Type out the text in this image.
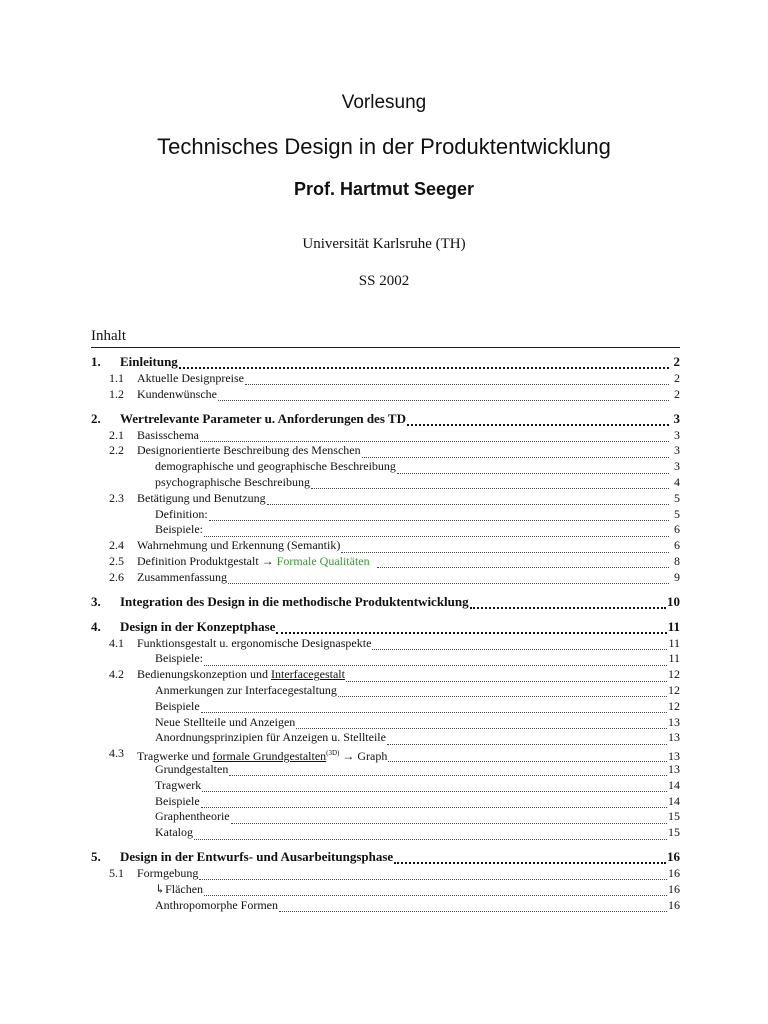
Vorlesung
Technisches Design in der Produktentwicklung
Prof. Hartmut Seeger
Universität Karlsruhe (TH)
SS 2002
Inhalt
1. Einleitung	2
1.1 Aktuelle Designpreise	2
1.2 Kundenwünsche	2
2. Wertrelevante Parameter u. Anforderungen des TD	3
2.1 Basisschema	3
2.2 Designorientierte Beschreibung des Menschen	3
demographische und geographische Beschreibung	3
psychographische Beschreibung	4
2.3 Betätigung und Benutzung	5
Definition:	5
Beispiele:	6
2.4 Wahrnehmung und Erkennung (Semantik)	6
2.5 Definition Produktgestalt → Formale Qualitäten	8
2.6 Zusammenfassung	9
3. Integration des Design in die methodische Produktentwicklung	10
4. Design in der Konzeptphase	11
4.1 Funktionsgestalt u. ergonomische Designaspekte	11
Beispiele:	11
4.2 Bedienungskonzeption und Interfacegestalt	12
Anmerkungen zur Interfacegestaltung	12
Beispiele	12
Neue Stellteile und Anzeigen	13
Anordnungsprinzipien für Anzeigen u. Stellteile	13
4.3 Tragwerke und formale Grundgestalten$^{(3D)}$ → Graph	13
Grundgestalten	13
Tragwerk	14
Beispiele	14
Graphentheorie	15
Katalog	15
5. Design in der Entwurfs- und Ausarbeitungsphase	16
5.1 Formgebung	16
↳Flächen	16
Anthropomorphe Formen	16
